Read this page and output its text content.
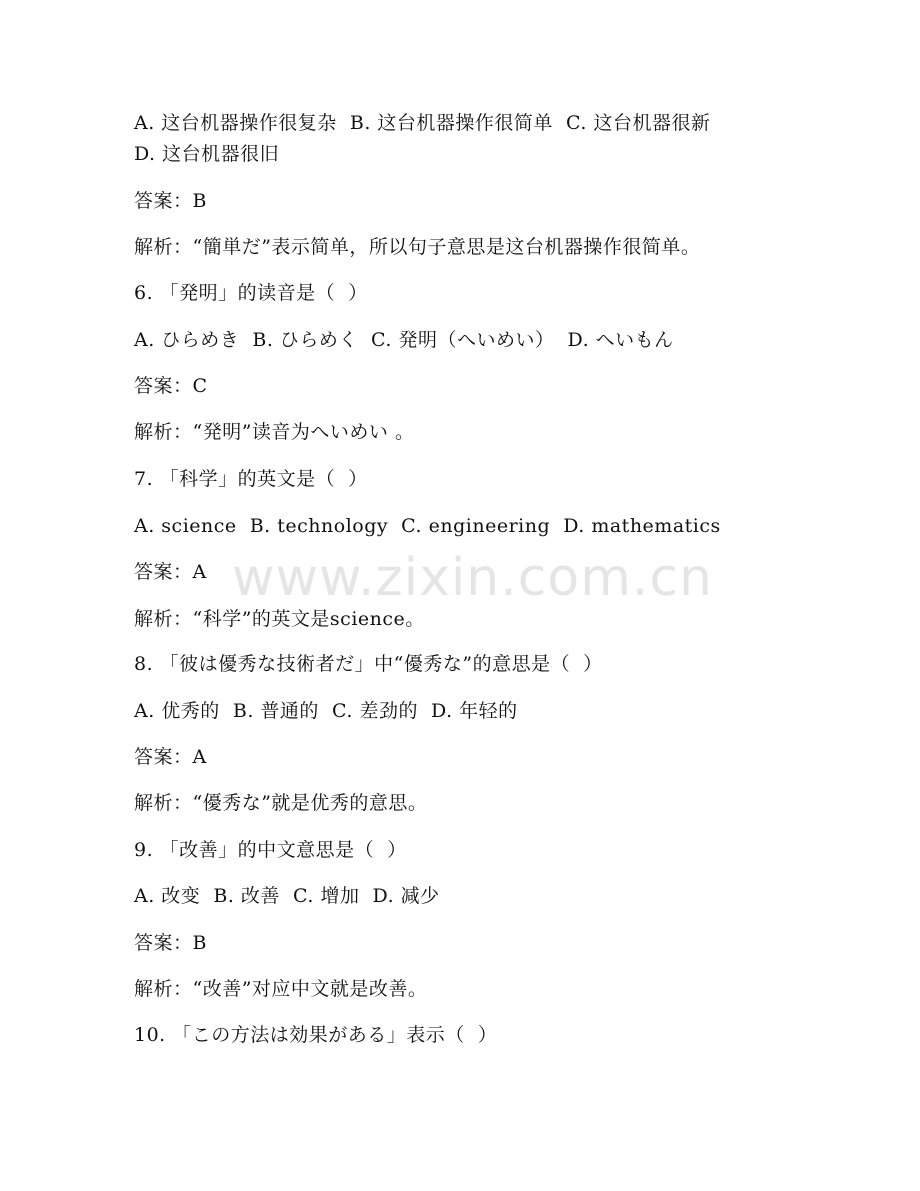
A. 这台机器操作很复杂  B. 这台机器操作很简单  C. 这台机器很新
D. 这台机器很旧
答案：B
解析：“簡単だ”表示简单，所以句子意思是这台机器操作很简单。
6. 「発明」的读音是（  ）
A. ひらめき  B. ひらめく  C. 発明（へいめい）  D. へいもん
答案：C
解析：“発明”读音为へいめい 。
7. 「科学」的英文是（  ）
A. science  B. technology  C. engineering  D. mathematics
答案：A
解析：“科学”的英文是science。
8. 「彼は優秀な技術者だ」中“優秀な”的意思是（  ）
A. 优秀的  B. 普通的  C. 差劲的  D. 年轻的
答案：A
解析：“優秀な”就是优秀的意思。
9. 「改善」的中文意思是（  ）
A. 改变  B. 改善  C. 增加  D. 减少
答案：B
解析：“改善”对应中文就是改善。
10. 「この方法は効果がある」表示（  ）
www.zixin.com.cn
